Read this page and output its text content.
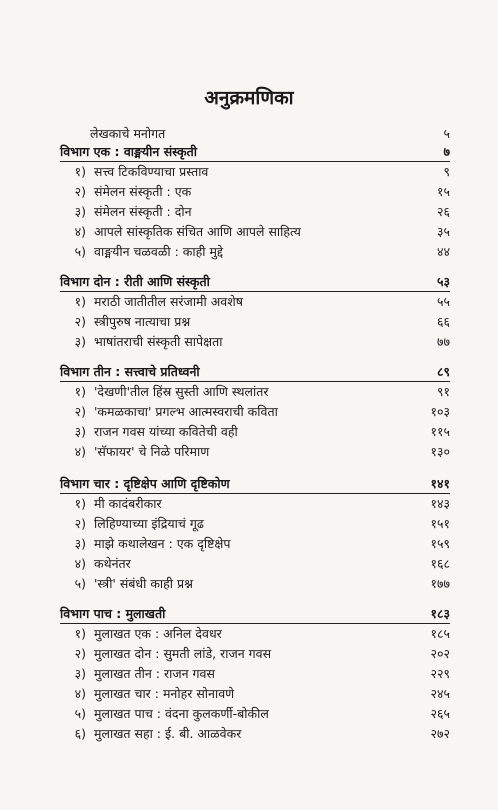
अनुक्रमणिका
लेखकाचे मनोगत	५
विभाग एक : वाङ्मयीन संस्कृती	७
१) सत्त्व टिकविण्याचा प्रस्ताव	९
२) संमेलन संस्कृती : एक	१५
३) संमेलन संस्कृती : दोन	२६
४) आपले सांस्कृतिक संचित आणि आपले साहित्य	३५
५) वाङ्मयीन चळवळी : काही मुद्दे	४४
विभाग दोन : रीती आणि संस्कृती	५३
१) मराठी जातीतील सरंजामी अवशेष	५५
२) स्त्रीपुरुष नात्याचा प्रश्न	६६
३) भाषांतराची संस्कृती सापेक्षता	७७
विभाग तीन : सत्त्वाचे प्रतिध्वनी	८९
१) 'देखणी'तील हिंस्र सुस्ती आणि स्थलांतर	९१
२) 'कमळकाचा' प्रगल्भ आत्मस्वराची कविता	१०३
३) राजन गवस यांच्या कवितेची वही	११५
४) 'सॅफायर' चे निळे परिमाण	१३०
विभाग चार : दृष्टिक्षेप आणि दृष्टिकोण	१४१
१) मी कादंबरीकार	१४३
२) लिहिण्याच्या इंद्रियाचं गूढ	१५१
३) माझे कथालेखन : एक दृष्टिक्षेप	१५९
४) कथेनंतर	१६८
५) 'स्त्री' संबंधी काही प्रश्न	१७७
विभाग पाच : मुलाखती	१८३
१) मुलाखत एक : अनिल देवधर	१८५
२) मुलाखत दोन : सुमती लांडे, राजन गवस	२०२
३) मुलाखत तीन : राजन गवस	२२९
४) मुलाखत चार : मनोहर सोनावणे	२४५
५) मुलाखत पाच : वंदना कुलकर्णी-बोकील	२६५
६) मुलाखत सहा : ई. बी. आळवेकर	२७२
